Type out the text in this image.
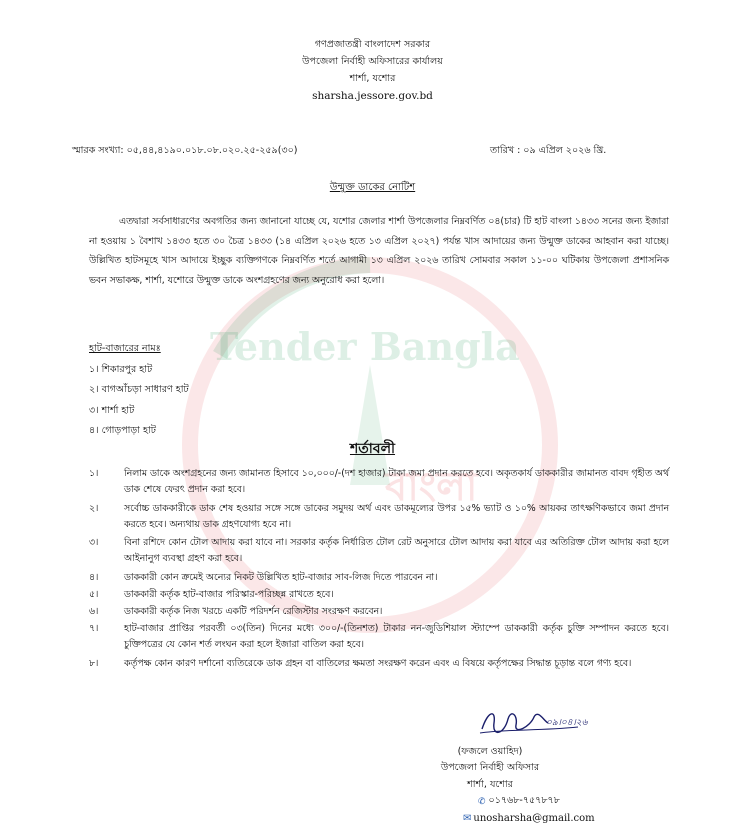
Tender Bangla
বাংলা
গণপ্রজাতন্ত্রী বাংলাদেশ সরকার
উপজেলা নির্বাহী অফিসারের কার্যালয়
শার্শা, যশোর
sharsha.jessore.gov.bd
স্মারক সংখ্যা: ০৫,৪৪,৪১৯০.০১৮.০৮.০২০.২৫-২৫৯(৩০)	তারিখ : ০৯ এপ্রিল ২০২৬ খ্রি.
উন্মুক্ত ডাকের নোটিশ

এতদ্বারা সর্বসাধারণের অবগতির জন্য জানানো যাচ্ছে যে, যশোর জেলার শার্শা উপজেলার নিম্নবর্ণিত ০৪(চার) টি হাট বাংলা ১৪৩৩ সনের জন্য ইজারা না হওয়ায় ১ বৈশাখ ১৪৩৩ হতে ৩০ চৈত্র ১৪৩৩ (১৪ এপ্রিল ২০২৬ হতে ১৩ এপ্রিল ২০২৭) পর্যন্ত খাস আদায়ের জন্য উন্মুক্ত ডাকের আহবান করা যাচ্ছে। উল্লিখিত হাটসমূহে খাস আদায়ে ইচ্ছুক ব্যক্তিগণকে নিম্নবর্ণিত শর্তে আগামী ১৩ এপ্রিল ২০২৬ তারিখ সোমবার সকাল ১১-০০ ঘটিকায় উপজেলা প্রশাসনিক ভবন সভাকক্ষ, শার্শা, যশোরে উন্মুক্ত ডাকে অংশগ্রহণের জন্য অনুরোধ করা হলো।

হাট-বাজারের নামঃ
১। শিকারপুর হাট
২। বাগআঁচড়া সাধারণ হাট
৩। শার্শা হাট
৪। গোড়পাড়া হাট
শর্তাবলী
১।	নিলাম ডাকে অংশগ্রহনের জন্য জামানত হিসাবে ১০,০০০/-(দশ হাজার) টাকা জমা প্রদান করতে হবে। অকৃতকার্য ডাককারীর জামানত বাবদ গৃহীত অর্থ ডাক শেষে ফেরৎ প্রদান করা হবে।
২।	সর্বোচ্চ ডাককারীকে ডাক শেষ হওয়ার সঙ্গে সঙ্গে ডাকের সমুদয় অর্থ এবং ডাকমূল্যের উপর ১৫% ভ্যাট ও ১০% আয়কর তাৎক্ষণিকভাবে জমা প্রদান করতে হবে। অন্যথায় ডাক গ্রহণযোগ্য হবে না।
৩।	বিনা রশিদে কোন টোল আদায় করা যাবে না। সরকার কর্তৃক নির্ধারিত টোল রেট অনুসারে টোল আদায় করা যাবে এর অতিরিক্ত টোল আদায় করা হলে আইনানুগ ব্যবস্থা গ্রহণ করা হবে।
৪।	ডাককারী কোন ক্রমেই অন্যের নিকট উল্লিখিত হাট-বাজার সাব-লিজ দিতে পারবেন না।
৫।	ডাককারী কর্তৃক হাট-বাজার পরিস্কার-পরিচ্ছন্ন রাখতে হবে।
৬।	ডাককারী কর্তৃক নিজ খরচে একটি পরিদর্শন রেজিস্টার সংরক্ষণ করবেন।
৭।	হাট-বাজার প্রাপ্তির পরবর্তী ০৩(তিন) দিনের মধ্যে ৩০০/-(তিনশত) টাকার নন-জুডিশিয়াল স্ট্যাম্পে ডাককারী কর্তৃক চুক্তি সম্পাদন করতে হবে। চুক্তিপত্রের যে কোন শর্ত লংঘন করা হলে ইজারা বাতিল করা হবে।
৮।	কর্তৃপক্ষ কোন কারণ দর্শানো ব্যতিরেকে ডাক গ্রহন বা বাতিলের ক্ষমতা সংরক্ষণ করেন এবং এ বিষয়ে কর্তৃপক্ষের সিদ্ধান্ত চূড়ান্ত বলে গণ্য হবে।
০৯।০৪।২৬
(ফজলে ওয়াহিদ)
উপজেলা নির্বাহী অফিসার
শার্শা, যশোর
✆ ০১৭৬৮-৭৫৭৮৭৮
✉ unosharsha@gmail.com
